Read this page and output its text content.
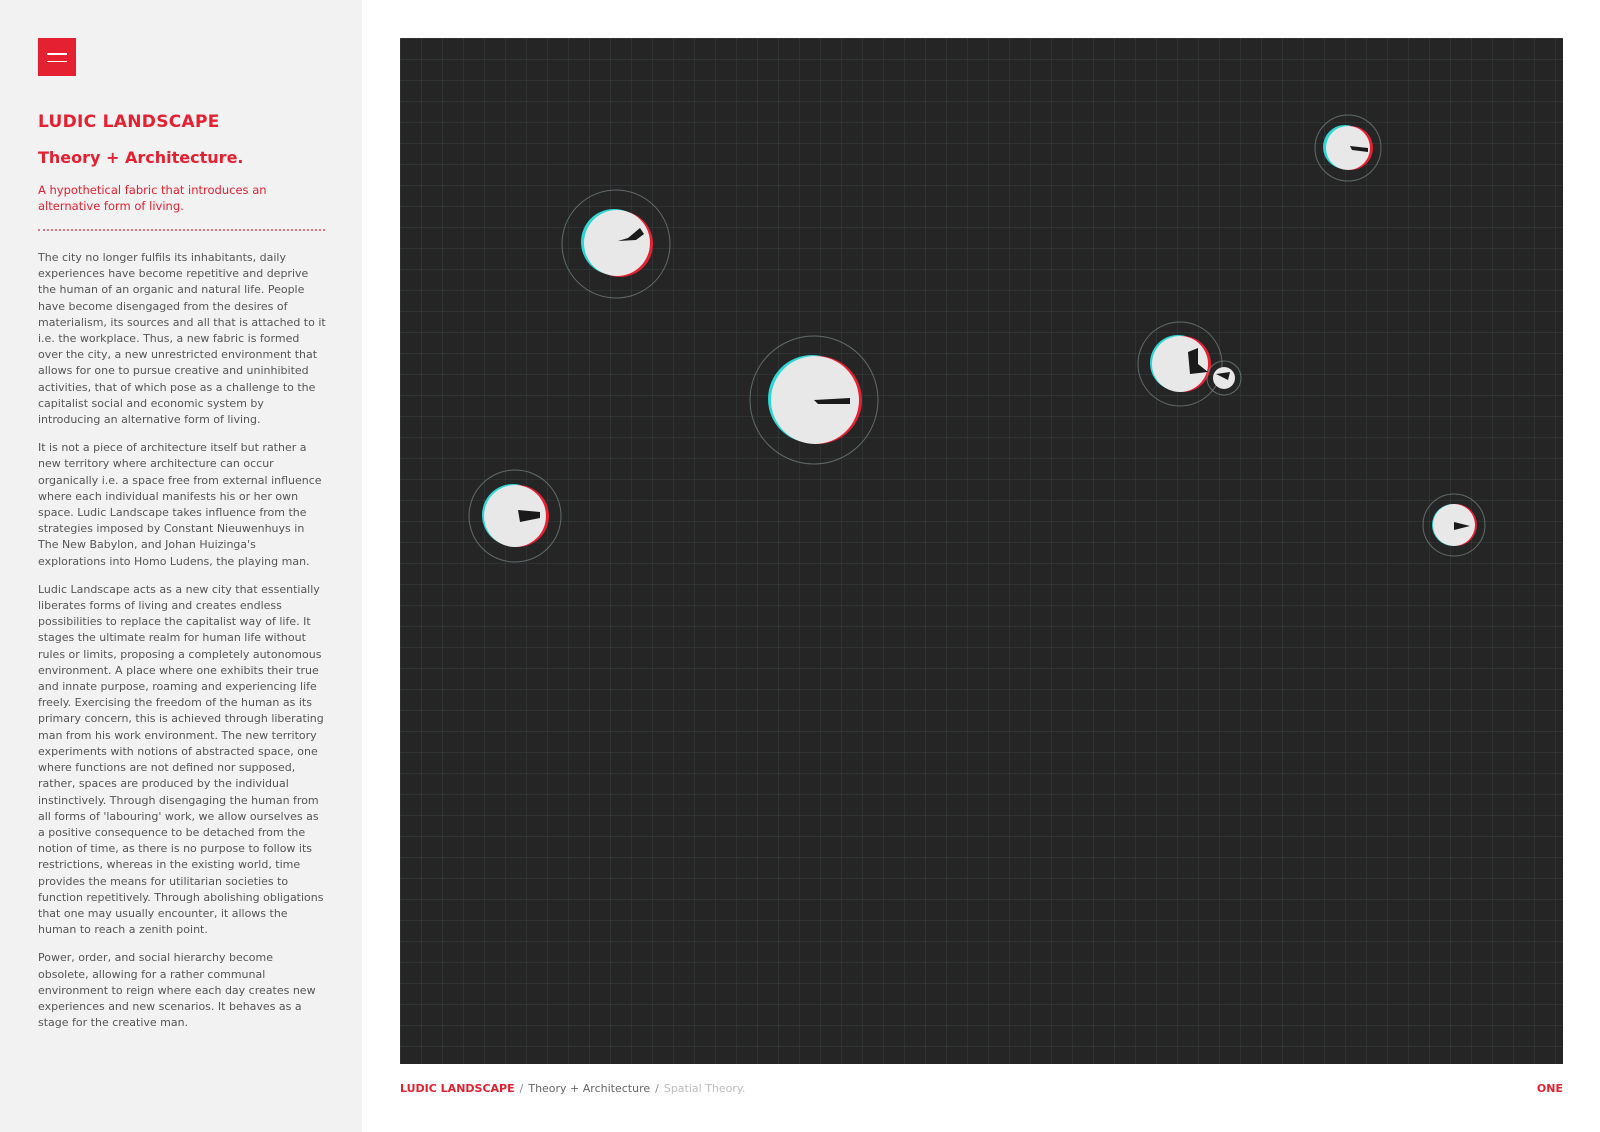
LUDIC LANDSCAPE
Theory + Architecture.

A hypothetical fabric that introduces an alternative form of living.

The city no longer fulfils its inhabitants, daily experiences have become repetitive and deprive the human of an organic and natural life. People have become disengaged from the desires of materialism, its sources and all that is attached to it i.e. the workplace. Thus, a new fabric is formed over the city, a new unrestricted environment that allows for one to pursue creative and uninhibited activities, that of which pose as a challenge to the capitalist social and economic system by introducing an alternative form of living.

It is not a piece of architecture itself but rather a new territory where architecture can occur organically i.e. a space free from external influence where each individual manifests his or her own space. Ludic Landscape takes influence from the strategies imposed by Constant Nieuwenhuys in The New Babylon, and Johan Huizinga's explorations into Homo Ludens, the playing man.

Ludic Landscape acts as a new city that essentially liberates forms of living and creates endless possibilities to replace the capitalist way of life. It stages the ultimate realm for human life without rules or limits, proposing a completely autonomous environment. A place where one exhibits their true and innate purpose, roaming and experiencing life freely. Exercising the freedom of the human as its primary concern, this is achieved through liberating man from his work environment. The new territory experiments with notions of abstracted space, one where functions are not defined nor supposed, rather, spaces are produced by the individual instinctively. Through disengaging the human from all forms of 'labouring' work, we allow ourselves as a positive consequence to be detached from the notion of time, as there is no purpose to follow its restrictions, whereas in the existing world, time provides the means for utilitarian societies to function repetitively. Through abolishing obligations that one may usually encounter, it allows the human to reach a zenith point.

Power, order, and social hierarchy become obsolete, allowing for a rather communal environment to reign where each day creates new experiences and new scenarios. It behaves as a stage for the creative man.

LUDIC LANDSCAPE / Theory + Architecture / Spatial Theory.	ONE
